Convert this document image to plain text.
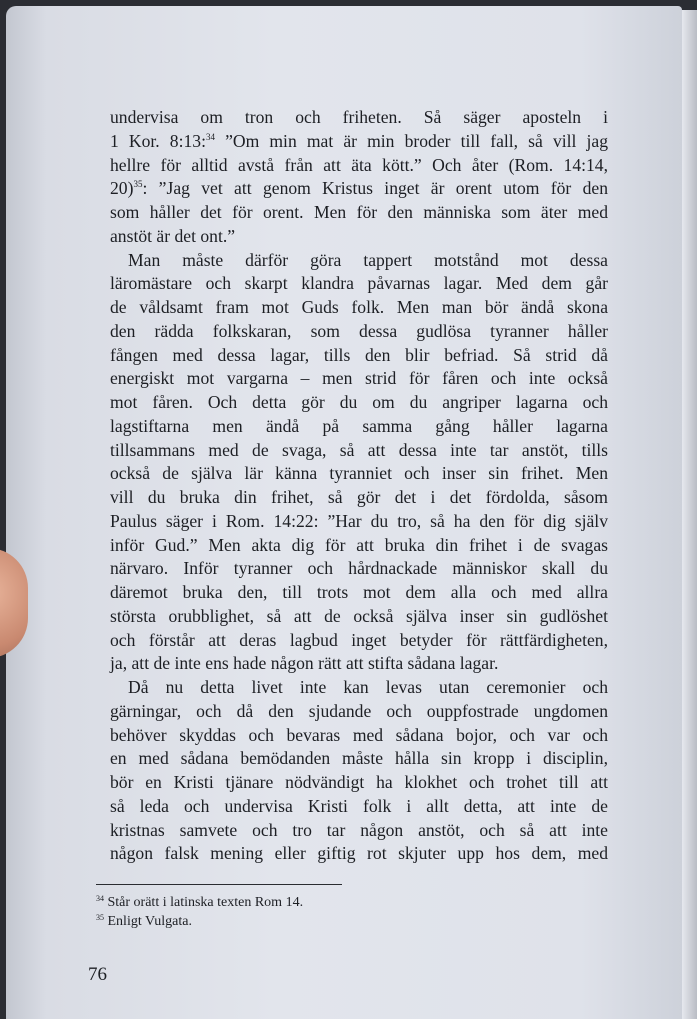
undervisa om tron och friheten. Så säger aposteln i
1 Kor. 8:13:$^{34}$ ”Om min mat är min broder till fall, så vill jag
hellre för alltid avstå från att äta kött.” Och åter (Rom. 14:14,
20)$^{35}$: ”Jag vet att genom Kristus inget är orent utom för den
som håller det för orent. Men för den människa som äter med
anstöt är det ont.”
Man måste därför göra tappert motstånd mot dessa
läromästare och skarpt klandra påvarnas lagar. Med dem går
de våldsamt fram mot Guds folk. Men man bör ändå skona
den rädda folkskaran, som dessa gudlösa tyranner håller
fången med dessa lagar, tills den blir befriad. Så strid då
energiskt mot vargarna – men strid för fåren och inte också
mot fåren. Och detta gör du om du angriper lagarna och
lagstiftarna men ändå på samma gång håller lagarna
tillsammans med de svaga, så att dessa inte tar anstöt, tills
också de själva lär känna tyranniet och inser sin frihet. Men
vill du bruka din frihet, så gör det i det fördolda, såsom
Paulus säger i Rom. 14:22: ”Har du tro, så ha den för dig själv
inför Gud.” Men akta dig för att bruka din frihet i de svagas
närvaro. Inför tyranner och hårdnackade människor skall du
däremot bruka den, till trots mot dem alla och med allra
största orubblighet, så att de också själva inser sin gudlöshet
och förstår att deras lagbud inget betyder för rättfärdigheten,
ja, att de inte ens hade någon rätt att stifta sådana lagar.
Då nu detta livet inte kan levas utan ceremonier och
gärningar, och då den sjudande och ouppfostrade ungdomen
behöver skyddas och bevaras med sådana bojor, och var och
en med sådana bemödanden måste hålla sin kropp i disciplin,
bör en Kristi tjänare nödvändigt ha klokhet och trohet till att
så leda och undervisa Kristi folk i allt detta, att inte de
kristnas samvete och tro tar någon anstöt, och så att inte
någon falsk mening eller giftig rot skjuter upp hos dem, med
$^{34}$ Står orätt i latinska texten Rom 14.
$^{35}$ Enligt Vulgata.
76
